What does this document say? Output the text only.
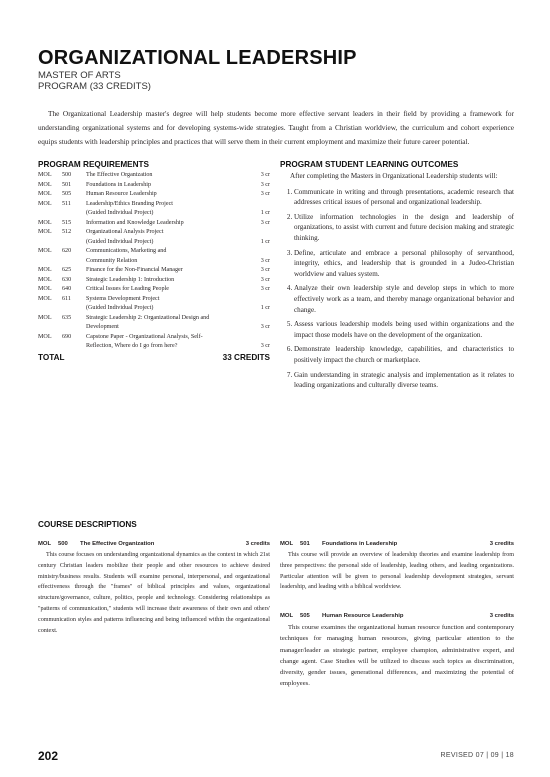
ORGANIZATIONAL LEADERSHIP
MASTER OF ARTS
PROGRAM (33 CREDITS)

The Organizational Leadership master's degree will help students become more effective servant leaders in their field by providing a framework for understanding organizational systems and for developing systems-wide strategies. Taught from a Christian worldview, the curriculum and cohort experience equips students with leadership principles and practices that will serve them in their current employment and maximize their future career potential.

PROGRAM REQUIREMENTS	PROGRAM STUDENT LEARNING OUTCOMES
MOL	500	The Effective Organization	3 cr
MOL	501	Foundations in Leadership	3 cr
MOL	505	Human Resource Leadership	3 cr
MOL	511	Leadership/Ethics Branding Project
(Guided Individual Project)	1 cr
MOL	515	Information and Knowledge Leadership	3 cr
MOL	512	Organizational Analysis Project
(Guided Individual Project)	1 cr
MOL	620	Communications, Marketing and
Community Relation	3 cr
MOL	625	Finance for the Non-Financial Manager	3 cr
MOL	630	Strategic Leadership 1: Introduction	3 cr
MOL	640	Critical Issues for Leading People	3 cr
MOL	611	Systems Development Project
(Guided Individual Project)	1 cr
MOL	635	Strategic Leadership 2: Organizational Design and
Development	3 cr
MOL	690	Capstone Paper - Organizational Analysis, Self-
Reflection, Where do I go from here?	3 cr
TOTAL	33 CREDITS

After completing the Masters in Organizational Leadership students will:

1. Communicate in writing and through presentations, academic research that addresses critical issues of personal and organizational leadership.
2. Utilize information technologies in the design and leadership of organizations, to assist with current and future decision making and strategic thinking.
3. Define, articulate and embrace a personal philosophy of servanthood, integrity, ethics, and leadership that is grounded in a Judeo-Christian worldview and values system.
4. Analyze their own leadership style and develop steps in which to more effectively work as a team, and thereby manage organizational behavior and change.
5. Assess various leadership models being used within organizations and the impact those models have on the development of the organization.
6. Demonstrate leadership knowledge, capabilities, and characteristics to positively impact the church or marketplace.
7. Gain understanding in strategic analysis and implementation as it relates to leading organizations and culturally diverse teams.
COURSE DESCRIPTIONS
MOL	500	The Effective Organization	3 credits

This course focuses on understanding organizational dynamics as the context in which 21st century Christian leaders mobilize their people and other resources to achieve desired ministry/business results. Students will examine personal, interpersonal, and organizational effectiveness through the "frames" of biblical principles and values, organizational structure/governance, culture, politics, people and technology. Considering relationships as "patterns of communication," students will increase their awareness of their own and others' communication styles and patterns influencing and being influenced within the organizational context.

MOL	501	Foundations in Leadership	3 credits

This course will provide an overview of leadership theories and examine leadership from three perspectives: the personal side of leadership, leading others, and leading organizations. Particular attention will be given to personal leadership development strategies, servant leadership, and leading with a biblical worldview.

MOL	505	Human Resource Leadership	3 credits

This course examines the organizational human resource function and contemporary techniques for managing human resources, giving particular attention to the manager/leader as strategic partner, employee champion, administrative expert, and change agent. Case Studies will be utilized to discuss such topics as discrimination, diversity, gender issues, generational differences, and maximizing the potential of employees.

202	REVISED 07 | 09 | 18
